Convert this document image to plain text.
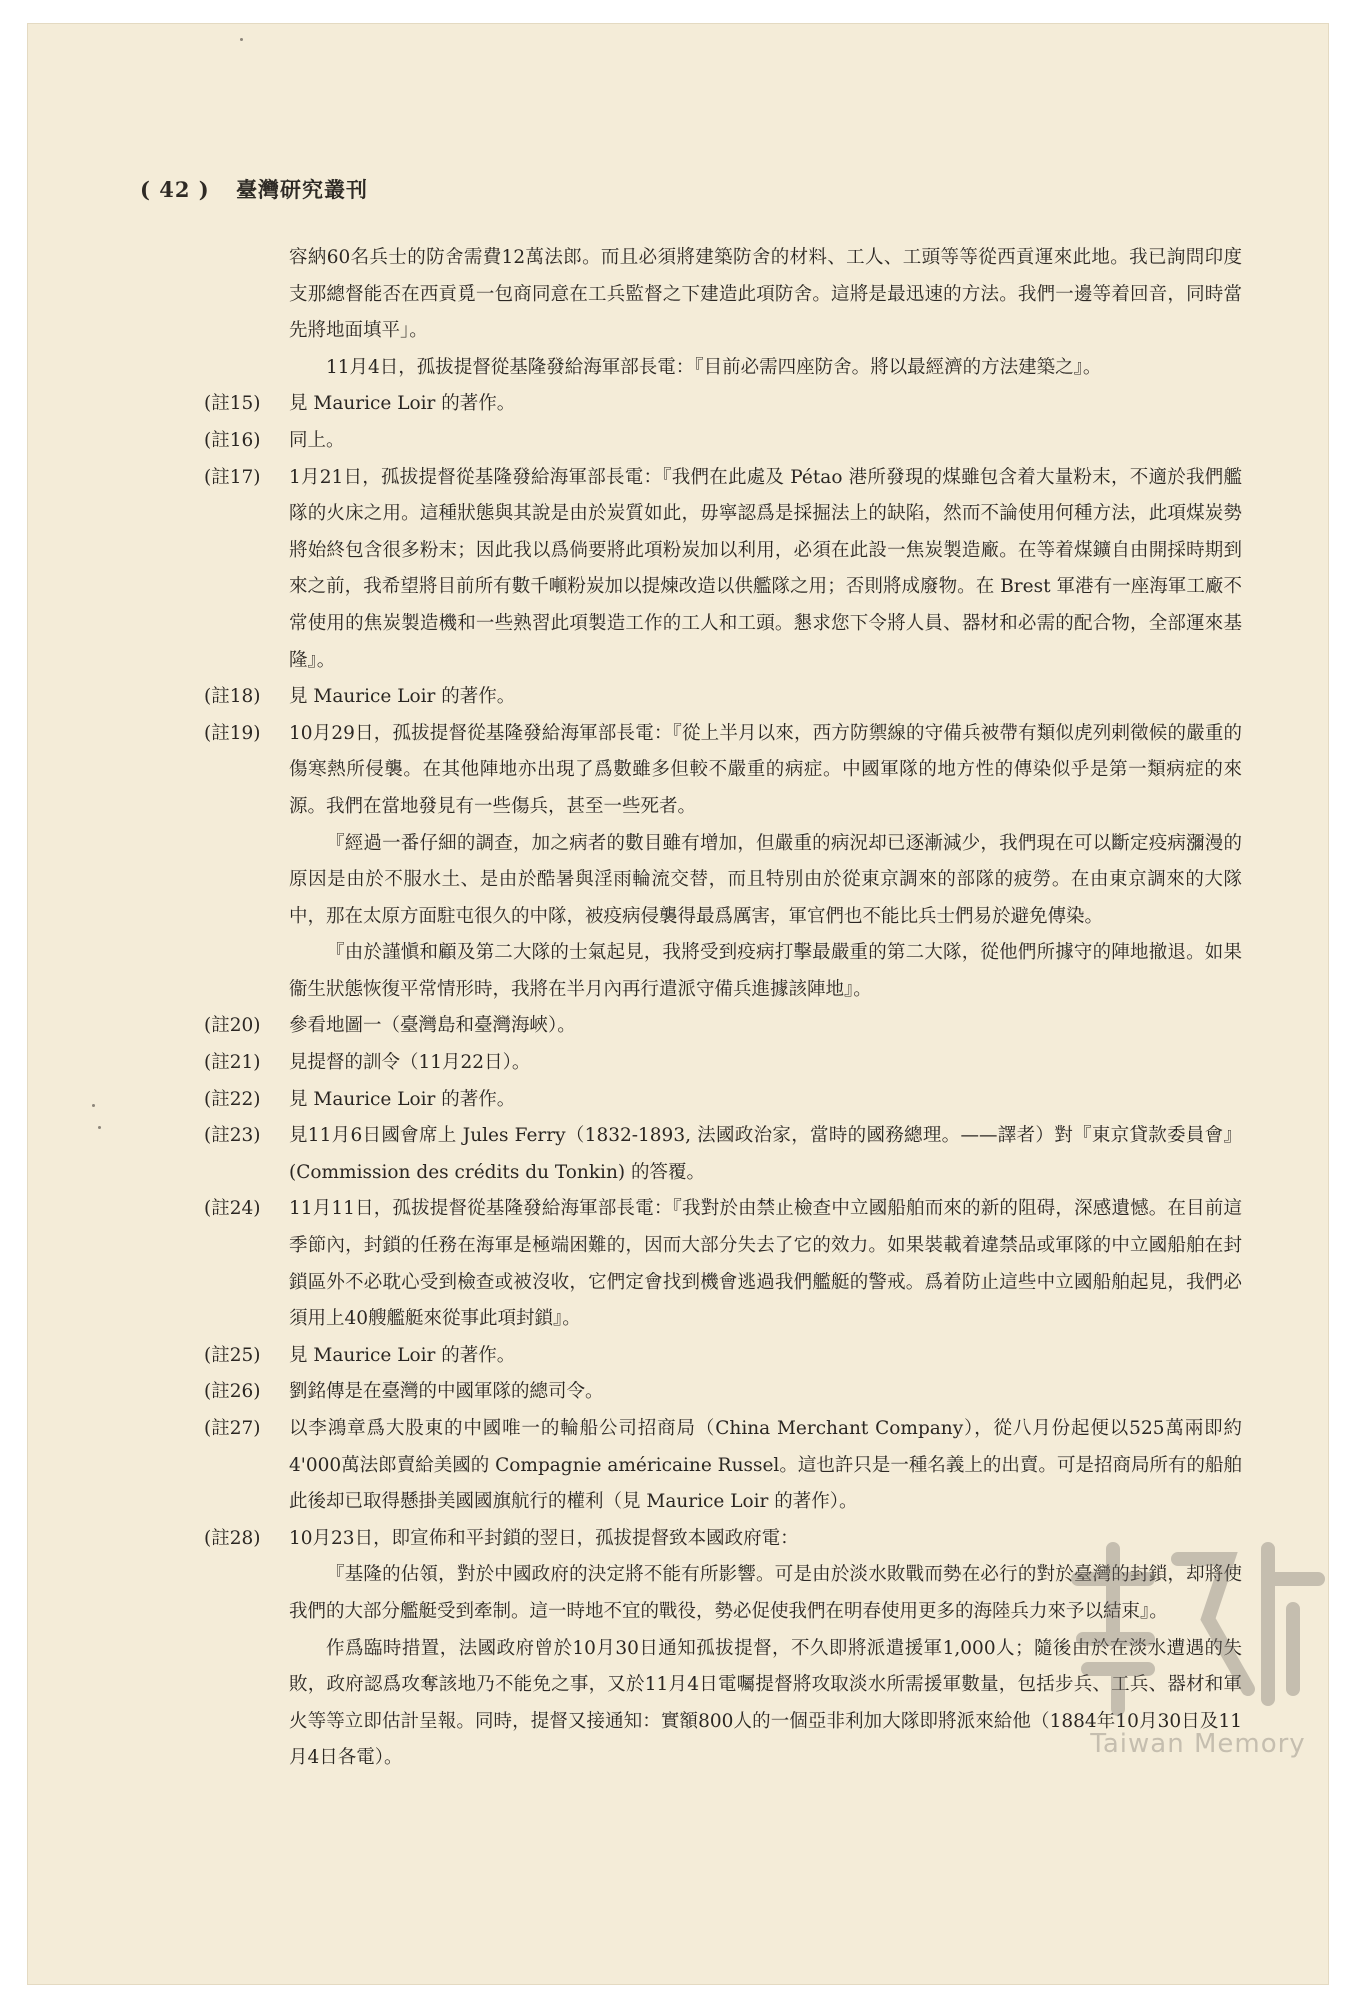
( 42 ) 臺灣研究叢刊
容納60名兵士的防舍需費12萬法郎。而且必須將建築防舍的材料、工人、工頭等等從西貢運來此地。我已詢問印度支那總督能否在西貢覓一包商同意在工兵監督之下建造此項防舍。這將是最迅速的方法。我們一邊等着回音，同時當先將地面填平」。
11月4日，孤拔提督從基隆發給海軍部長電：『目前必需四座防舍。將以最經濟的方法建築之』。
(註15) 見 Maurice Loir 的著作。
(註16) 同上。
(註17) 1月21日，孤拔提督從基隆發給海軍部長電：『我們在此處及 Pétao 港所發現的煤雖包含着大量粉末，不適於我們艦隊的火床之用。這種狀態與其說是由於炭質如此，毋寧認爲是採掘法上的缺陷，然而不論使用何種方法，此項煤炭勢將始終包含很多粉末；因此我以爲倘要將此項粉炭加以利用，必須在此設一焦炭製造廠。在等着煤鑛自由開採時期到來之前，我希望將目前所有數千噸粉炭加以提煉改造以供艦隊之用；否則將成廢物。在 Brest 軍港有一座海軍工廠不常使用的焦炭製造機和一些熟習此項製造工作的工人和工頭。懇求您下令將人員、器材和必需的配合物，全部運來基隆』。
(註18) 見 Maurice Loir 的著作。
(註19) 10月29日，孤拔提督從基隆發給海軍部長電：『從上半月以來，西方防禦線的守備兵被帶有類似虎列剌徵候的嚴重的傷寒熱所侵襲。在其他陣地亦出現了爲數雖多但較不嚴重的病症。中國軍隊的地方性的傳染似乎是第一類病症的來源。我們在當地發見有一些傷兵，甚至一些死者。
『經過一番仔細的調查，加之病者的數目雖有增加，但嚴重的病況却已逐漸減少，我們現在可以斷定疫病瀰漫的原因是由於不服水土、是由於酷暑與淫雨輪流交替，而且特別由於從東京調來的部隊的疲勞。在由東京調來的大隊中，那在太原方面駐屯很久的中隊，被疫病侵襲得最爲厲害，軍官們也不能比兵士們易於避免傳染。
『由於謹愼和顧及第二大隊的士氣起見，我將受到疫病打擊最嚴重的第二大隊，從他們所據守的陣地撤退。如果衞生狀態恢復平常情形時，我將在半月內再行遣派守備兵進據該陣地』。
(註20) 參看地圖一（臺灣島和臺灣海峽）。
(註21) 見提督的訓令（11月22日）。
(註22) 見 Maurice Loir 的著作。
(註23) 見11月6日國會席上 Jules Ferry（1832-1893, 法國政治家，當時的國務總理。——譯者）對『東京貸款委員會』(Commission des crédits du Tonkin) 的答覆。
(註24) 11月11日，孤拔提督從基隆發給海軍部長電：『我對於由禁止檢查中立國船舶而來的新的阻碍，深感遺憾。在目前這季節內，封鎖的任務在海軍是極端困難的，因而大部分失去了它的效力。如果裝載着違禁品或軍隊的中立國船舶在封鎖區外不必耽心受到檢查或被沒收，它們定會找到機會逃過我們艦艇的警戒。爲着防止這些中立國船舶起見，我們必須用上40艘艦艇來從事此項封鎖』。
(註25) 見 Maurice Loir 的著作。
(註26) 劉銘傳是在臺灣的中國軍隊的總司令。
(註27) 以李鴻章爲大股東的中國唯一的輪船公司招商局（China Merchant Company），從八月份起便以525萬兩即約4'000萬法郎賣給美國的 Compagnie américaine Russel。這也許只是一種名義上的出賣。可是招商局所有的船舶此後却已取得懸掛美國國旗航行的權利（見 Maurice Loir 的著作）。
(註28) 10月23日，即宣佈和平封鎖的翌日，孤拔提督致本國政府電：
『基隆的佔領，對於中國政府的決定將不能有所影響。可是由於淡水敗戰而勢在必行的對於臺灣的封鎖，却將使我們的大部分艦艇受到牽制。這一時地不宜的戰役，勢必促使我們在明春使用更多的海陸兵力來予以結束』。
作爲臨時措置，法國政府曾於10月30日通知孤拔提督，不久即將派遣援軍1,000人；隨後由於在淡水遭遇的失敗，政府認爲攻奪該地乃不能免之事，又於11月4日電囑提督將攻取淡水所需援軍數量，包括步兵、工兵、器材和軍火等等立即估計呈報。同時，提督又接通知：實額800人的一個亞非利加大隊即將派來給他（1884年10月30日及11月4日各電）。	Taiwan Memory
